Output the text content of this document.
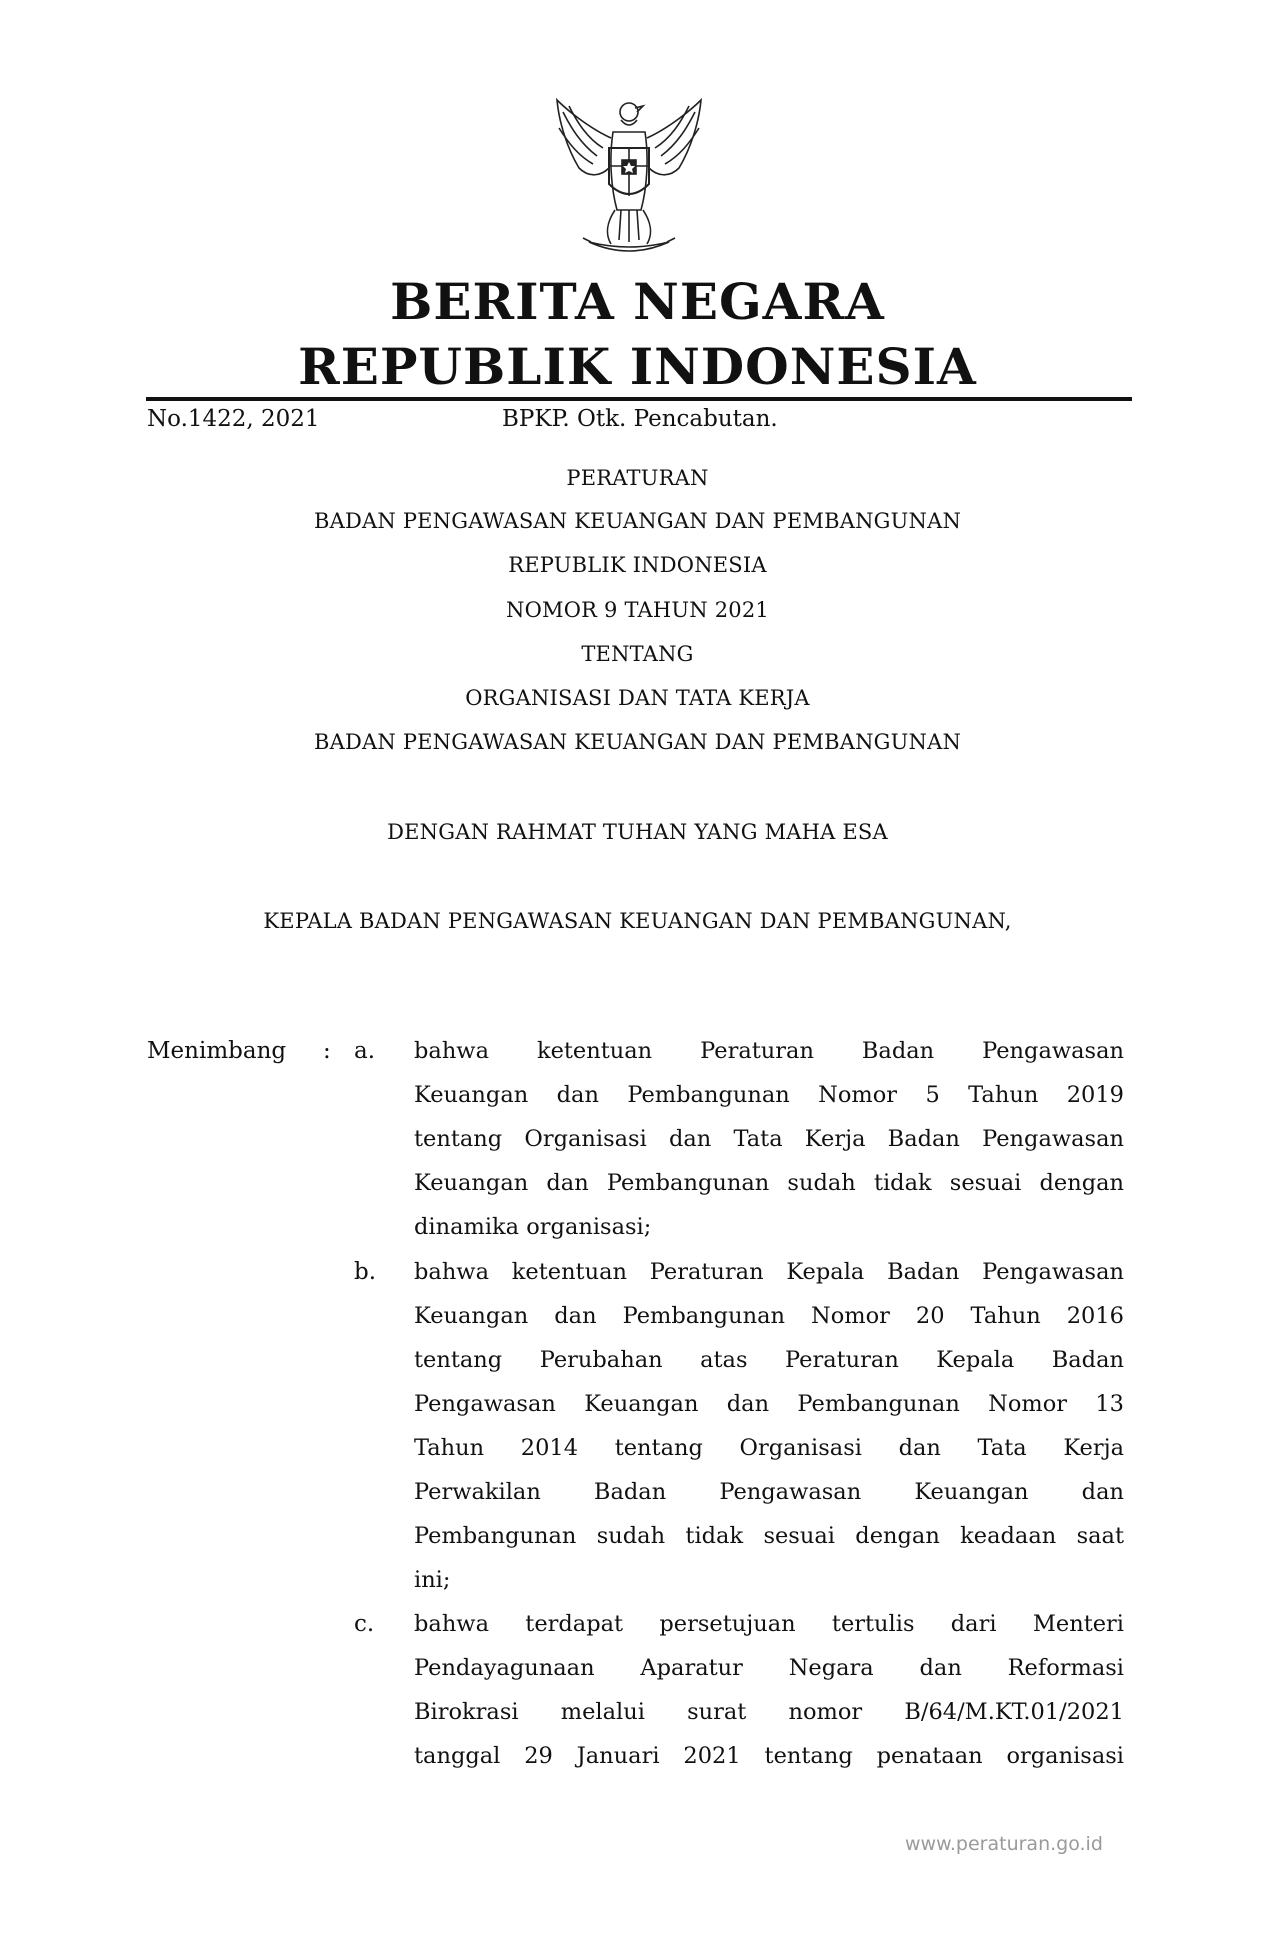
BERITA NEGARA
REPUBLIK INDONESIA
No.1422, 2021	BPKP. Otk. Pencabutan.
PERATURAN
BADAN PENGAWASAN KEUANGAN DAN PEMBANGUNAN
REPUBLIK INDONESIA
NOMOR 9 TAHUN 2021
TENTANG
ORGANISASI DAN TATA KERJA
BADAN PENGAWASAN KEUANGAN DAN PEMBANGUNAN
DENGAN RAHMAT TUHAN YANG MAHA ESA
KEPALA BADAN PENGAWASAN KEUANGAN DAN PEMBANGUNAN,
Menimbang : a. bahwa ketentuan Peraturan Badan Pengawasan
Keuangan dan Pembangunan Nomor 5 Tahun 2019
tentang Organisasi dan Tata Kerja Badan Pengawasan
Keuangan dan Pembangunan sudah tidak sesuai dengan
dinamika organisasi;
b. bahwa ketentuan Peraturan Kepala Badan Pengawasan
Keuangan dan Pembangunan Nomor 20 Tahun 2016
tentang Perubahan atas Peraturan Kepala Badan
Pengawasan Keuangan dan Pembangunan Nomor 13
Tahun 2014 tentang Organisasi dan Tata Kerja
Perwakilan Badan Pengawasan Keuangan dan
Pembangunan sudah tidak sesuai dengan keadaan saat
ini;
c. bahwa terdapat persetujuan tertulis dari Menteri
Pendayagunaan Aparatur Negara dan Reformasi
Birokrasi melalui surat nomor B/64/M.KT.01/2021
tanggal 29 Januari 2021 tentang penataan organisasi
www.peraturan.go.id
